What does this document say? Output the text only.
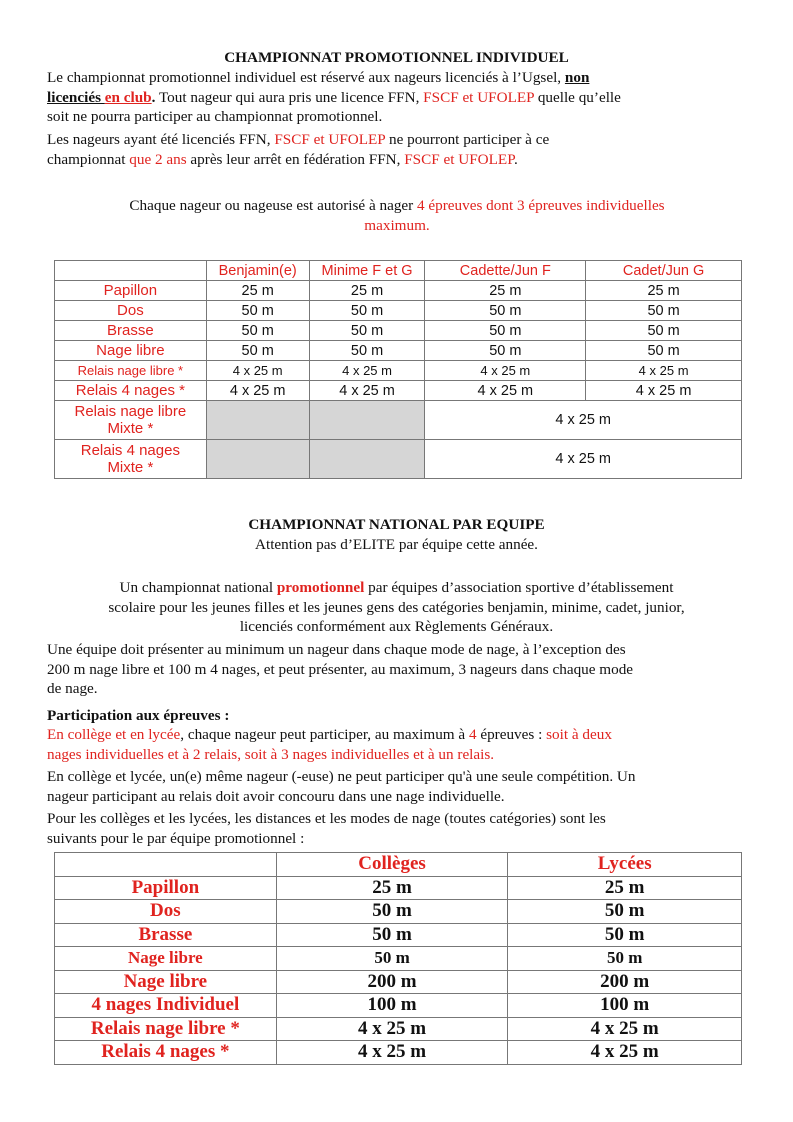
CHAMPIONNAT PROMOTIONNEL INDIVIDUEL
Le championnat promotionnel individuel est réservé aux nageurs licenciés à l’Ugsel, non
licenciés en club. Tout nageur qui aura pris une licence FFN, FSCF et UFOLEP quelle qu’elle
soit ne pourra participer au championnat promotionnel.
Les nageurs ayant été licenciés FFN, FSCF et UFOLEP ne pourront participer à ce
championnat que 2 ans après leur arrêt en fédération FFN, FSCF et UFOLEP.
Chaque nageur ou nageuse est autorisé à nager 4 épreuves dont 3 épreuves individuelles
maximum.
	Benjamin(e)	Minime F et G	Cadette/Jun F	Cadet/Jun G
Papillon	25 m	25 m	25 m	25 m
Dos	50 m	50 m	50 m	50 m
Brasse	50 m	50 m	50 m	50 m
Nage libre	50 m	50 m	50 m	50 m
Relais nage libre *	4 x 25 m	4 x 25 m	4 x 25 m	4 x 25 m
Relais 4 nages *	4 x 25 m	4 x 25 m	4 x 25 m	4 x 25 m
Relais nage libre
Mixte *			4 x 25 m	
Relais 4 nages
Mixte *			4 x 25 m	
CHAMPIONNAT NATIONAL PAR EQUIPE
Attention pas d’ELITE par équipe cette année.
Un championnat national promotionnel par équipes d’association sportive d’établissement
scolaire pour les jeunes filles et les jeunes gens des catégories benjamin, minime, cadet, junior,
licenciés conformément aux Règlements Généraux.
Une équipe doit présenter au minimum un nageur dans chaque mode de nage, à l’exception des
200 m nage libre et 100 m 4 nages, et peut présenter, au maximum, 3 nageurs dans chaque mode
de nage.
Participation aux épreuves :
En collège et en lycée, chaque nageur peut participer, au maximum à 4 épreuves : soit à deux
nages individuelles et à 2 relais, soit à 3 nages individuelles et à un relais.
En collège et lycée, un(e) même nageur (-euse) ne peut participer qu'à une seule compétition. Un
nageur participant au relais doit avoir concouru dans une nage individuelle.
Pour les collèges et les lycées, les distances et les modes de nage (toutes catégories) sont les
suivants pour le par équipe promotionnel :
	Collèges	Lycées
Papillon	25 m	25 m
Dos	50 m	50 m
Brasse	50 m	50 m
Nage libre	50 m	50 m
Nage libre	200 m	200 m
4 nages Individuel	100 m	100 m
Relais nage libre *	4 x 25 m	4 x 25 m
Relais 4 nages *	4 x 25 m	4 x 25 m
